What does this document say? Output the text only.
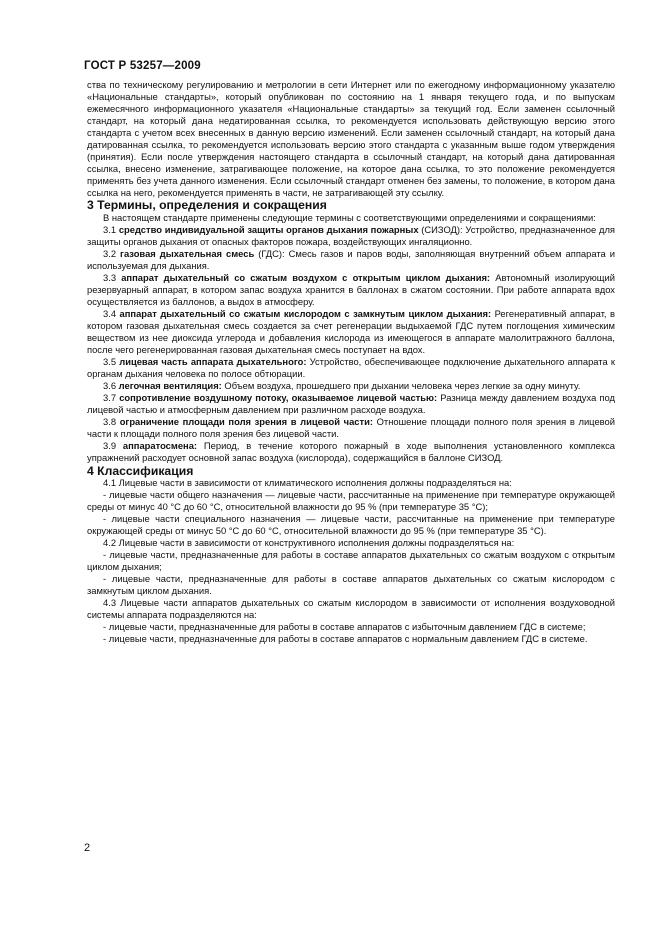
ГОСТ Р 53257—2009

ства по техническому регулированию и метрологии в сети Интернет или по ежегодному информационному указателю «Национальные стандарты», который опубликован по состоянию на 1 января текущего года, и по выпускам ежемесячного информационного указателя «Национальные стандарты» за текущий год. Если заменен ссылочный стандарт, на который дана недатированная ссылка, то рекомендуется использовать действующую версию этого стандарта с учетом всех внесенных в данную версию изменений. Если заменен ссылочный стандарт, на который дана датированная ссылка, то рекомендуется использовать версию этого стандарта с указанным выше годом утверждения (принятия). Если после утверждения настоящего стандарта в ссылочный стандарт, на который дана датированная ссылка, внесено изменение, затрагивающее положение, на которое дана ссылка, то это положение рекомендуется применять без учета данного изменения. Если ссылочный стандарт отменен без замены, то положение, в котором дана ссылка на него, рекомендуется применять в части, не затрагивающей эту ссылку.

3 Термины, определения и сокращения

В настоящем стандарте применены следующие термины с соответствующими определениями и сокращениями:

3.1 средство индивидуальной защиты органов дыхания пожарных (СИЗОД): Устройство, предназначенное для защиты органов дыхания от опасных факторов пожара, воздействующих ингаляционно.

3.2 газовая дыхательная смесь (ГДС): Смесь газов и паров воды, заполняющая внутренний объем аппарата и используемая для дыхания.

3.3 аппарат дыхательный со сжатым воздухом с открытым циклом дыхания: Автономный изолирующий резервуарный аппарат, в котором запас воздуха хранится в баллонах в сжатом состоянии. При работе аппарата вдох осуществляется из баллонов, а выдох в атмосферу.

3.4 аппарат дыхательный со сжатым кислородом с замкнутым циклом дыхания: Регенеративный аппарат, в котором газовая дыхательная смесь создается за счет регенерации выдыхаемой ГДС путем поглощения химическим веществом из нее диоксида углерода и добавления кислорода из имеющегося в аппарате малолитражного баллона, после чего регенерированная газовая дыхательная смесь поступает на вдох.

3.5 лицевая часть аппарата дыхательного: Устройство, обеспечивающее подключение дыхательного аппарата к органам дыхания человека по полосе обтюрации.

3.6 легочная вентиляция: Объем воздуха, прошедшего при дыхании человека через легкие за одну минуту.

3.7 сопротивление воздушному потоку, оказываемое лицевой частью: Разница между давлением воздуха под лицевой частью и атмосферным давлением при различном расходе воздуха.

3.8 ограничение площади поля зрения в лицевой части: Отношение площади полного поля зрения в лицевой части к площади полного поля зрения без лицевой части.

3.9 аппаратосмена: Период, в течение которого пожарный в ходе выполнения установленного комплекса упражнений расходует основной запас воздуха (кислорода), содержащийся в баллоне СИЗОД.

4 Классификация

4.1 Лицевые части в зависимости от климатического исполнения должны подразделяться на:

- лицевые части общего назначения — лицевые части, рассчитанные на применение при температуре окружающей среды от минус 40 °С до 60 °С, относительной влажности до 95 % (при температуре 35 °С);

- лицевые части специального назначения — лицевые части, рассчитанные на применение при температуре окружающей среды от минус 50 °С до 60 °С, относительной влажности до 95 % (при температуре 35 °С).

4.2 Лицевые части в зависимости от конструктивного исполнения должны подразделяться на:

- лицевые части, предназначенные для работы в составе аппаратов дыхательных со сжатым воздухом с открытым циклом дыхания;

- лицевые части, предназначенные для работы в составе аппаратов дыхательных со сжатым кислородом с замкнутым циклом дыхания.

4.3 Лицевые части аппаратов дыхательных со сжатым кислородом в зависимости от исполнения воздуховодной системы аппарата подразделяются на:

- лицевые части, предназначенные для работы в составе аппаратов с избыточным давлением ГДС в системе;

- лицевые части, предназначенные для работы в составе аппаратов с нормальным давлением ГДС в системе.

2
